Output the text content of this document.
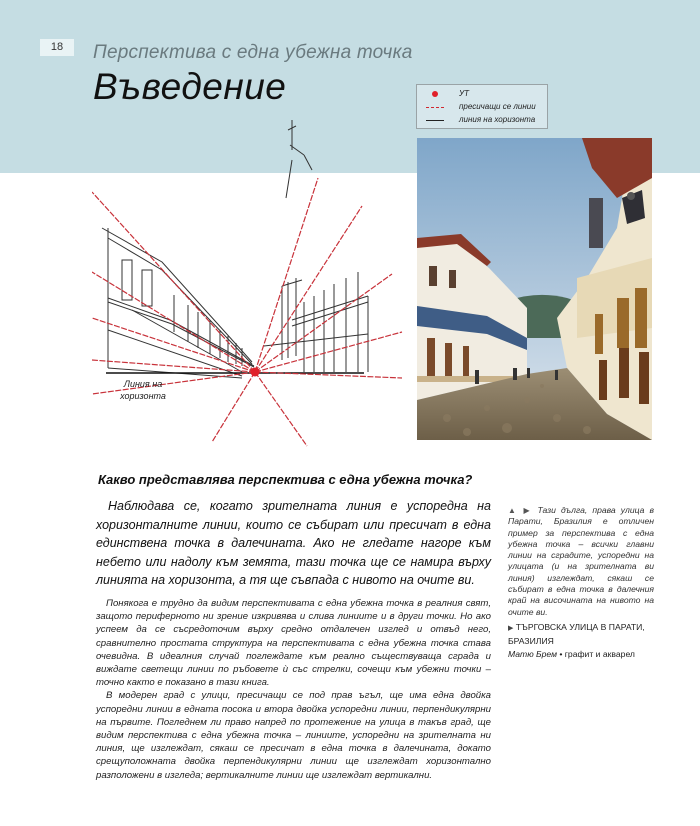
18	Перспектива с една убежна точка
Въведение	УТ
пресичащи се линии
линия на хоризонта
Линия на
хоризонта
Какво представлява перспектива с една убежна точка?

Наблюдава се, когато зрителната линия е успоредна на хоризонталните линии, които се събират или пресичат в една единствена точка в далечината. Ако не гледате нагоре към небето или надолу към земята, тази точка ще се намира върху линията на хоризонта, а тя ще съвпада с нивото на очите ви.

Понякога е трудно да видим перспективата с една убежна точка в реалния свят, защото периферното ни зрение изкривява и слива линиите и в други точки. Но ако успеем да се съсредоточим върху средно отдалечен изглед и отвъд него, сравнително простата структура на перспективата с една убежна точка става очевидна. В идеалния случай поглеждате към реално съществуваща сграда и виждате светещи линии по ръбовете ѝ със стрелки, сочещи към убежни точки – точно както е показано в тази книга.

В модерен град с улици, пресичащи се под прав ъгъл, ще има една двойка успоредни линии в едната посока и втора двойка успоредни линии, перпендикулярни на първите. Погледнем ли право напред по протежение на улица в такъв град, ще видим перспектива с една убежна точка – линиите, успоредни на зрителната ни линия, ще изглеждат, сякаш се пресичат в една точка в далечината, докато срещуположната двойка перпендикулярни линии ще изглеждат хоризонтално разположени в изгледа; вертикалните линии ще изглеждат вертикални.

▲ ▶ Тази дълга, права улица в Парати, Бразилия е отличен пример за перспектива с една убежна точка – всички главни линии на сградите, успоредни на улицата (и на зрителната ви линия) изглеждат, сякаш се събират в една точка в далечния край на височината на нивото на очите ви.
▶ ТЪРГОВСКА УЛИЦА В ПАРАТИ, БРАЗИЛИЯ
Матю Брем • графит и акварел
